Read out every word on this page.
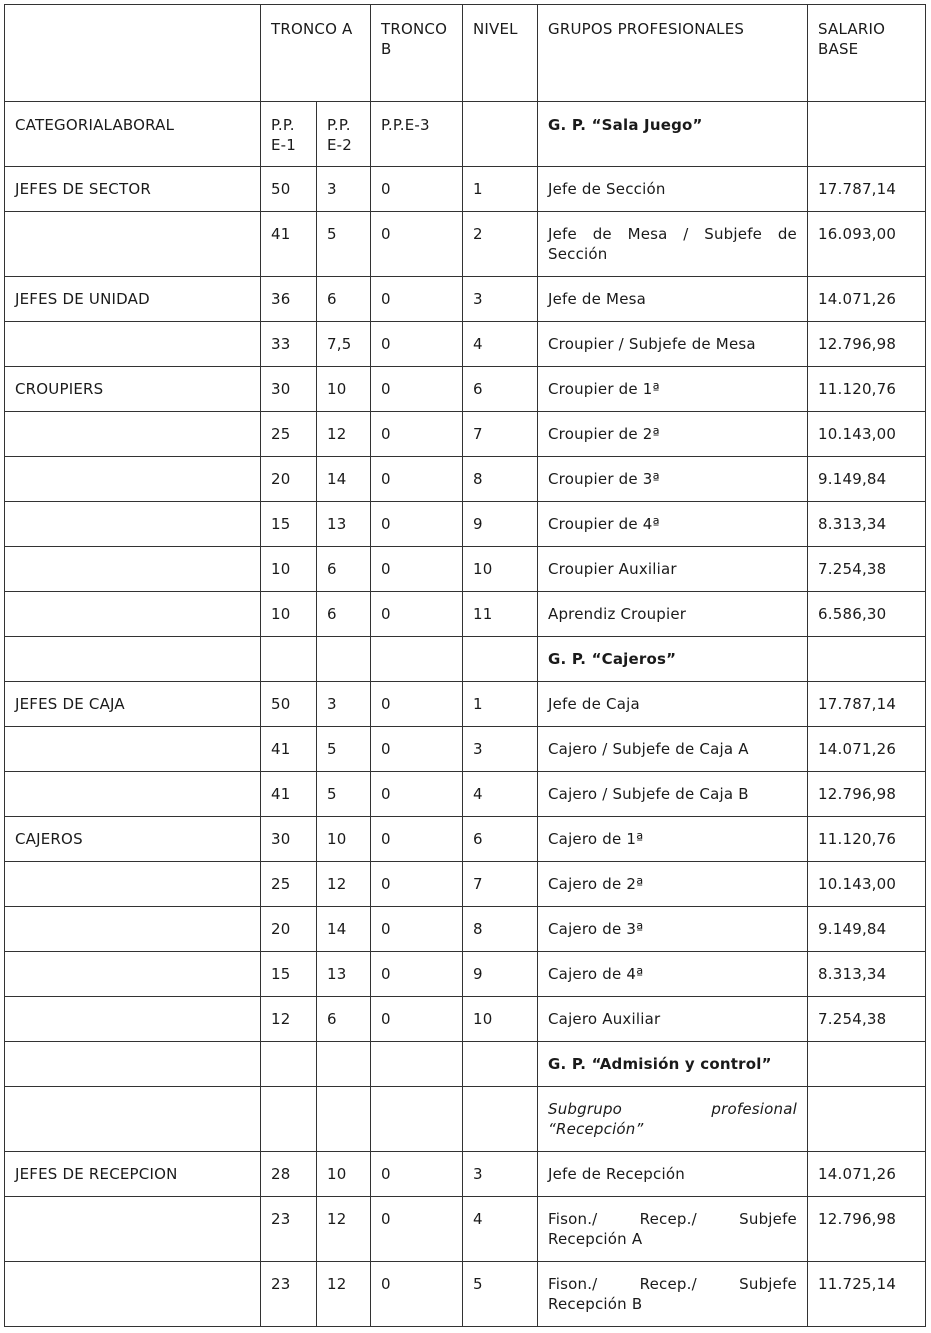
	TRONCO A		TRONCO B	NIVEL	GRUPOS PROFESIONALES	SALARIO BASE
CATEGORIALABORAL	P.P. E-1	P.P. E-2	P.P.E-3		G. P. “Sala Juego”	
JEFES DE SECTOR	50	3	0	1	Jefe de Sección	17.787,14
	41	5	0	2	Jefe de Mesa / Subjefe de Sección	16.093,00
JEFES DE UNIDAD	36	6	0	3	Jefe de Mesa	14.071,26
	33	7,5	0	4	Croupier / Subjefe de Mesa	12.796,98
CROUPIERS	30	10	0	6	Croupier de 1ª	11.120,76
	25	12	0	7	Croupier de 2ª	10.143,00
	20	14	0	8	Croupier de 3ª	9.149,84
	15	13	0	9	Croupier de 4ª	8.313,34
	10	6	0	10	Croupier Auxiliar	7.254,38
	10	6	0	11	Aprendiz Croupier	6.586,30
					G. P. “Cajeros”	
JEFES DE CAJA	50	3	0	1	Jefe de Caja	17.787,14
	41	5	0	3	Cajero / Subjefe de Caja A	14.071,26
	41	5	0	4	Cajero / Subjefe de Caja B	12.796,98
CAJEROS	30	10	0	6	Cajero de 1ª	11.120,76
	25	12	0	7	Cajero de 2ª	10.143,00
	20	14	0	8	Cajero de 3ª	9.149,84
	15	13	0	9	Cajero de 4ª	8.313,34
	12	6	0	10	Cajero Auxiliar	7.254,38
					G. P. “Admisión y control”	
					Subgrupo profesional “Recepción”	
JEFES DE RECEPCION	28	10	0	3	Jefe de Recepción	14.071,26
	23	12	0	4	Fison./ Recep./ Subjefe Recepción A	12.796,98
	23	12	0	5	Fison./ Recep./ Subjefe Recepción B	11.725,14
